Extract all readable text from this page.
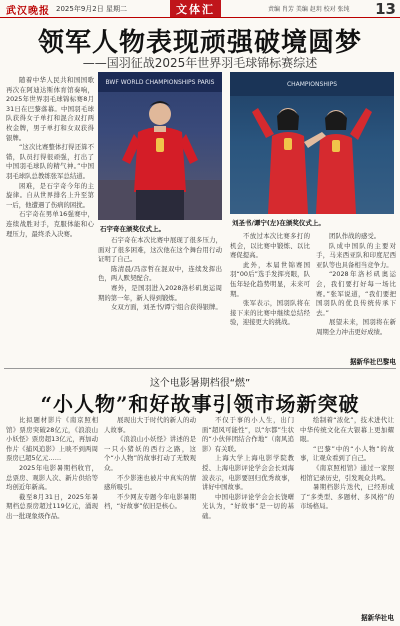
武汉晚报 2025年9月2日 星期二	文体汇	责编 肖芳 美编 赵玥 校对 张纯	13
领军人物表现顽强破境圆梦
——国羽征战2025年世界羽毛球锦标赛综述

随着中华人民共和国国歌再次在阿迪达斯体育馆奏响，2025年世界羽毛球锦标赛8月31日在巴黎落幕。中国羽毛球队获得女子单打和混合双打两枚金牌，男子单打和女双获得银牌。

“这次比赛整体打得还算不错，队员打得很顽强，打出了中国羽毛球队的精气神。”中国羽毛球队总教练张军总结道。

困难，是石宇奇今年的主旋律。自从世界排名上升至第一后，他遭遇了伤病的困扰。

石宇奇在男单16强赛中，连续战胜对手，克服体能和心理压力，最终杀入决赛。

BWF WORLD CHAMPIONSHIPS PARIS
石宇奇在颁奖仪式上。
CHAMPIONSHIPS
刘圣书/谭宁(左)在颁奖仪式上。

石宇奇在本次比赛中展现了很多压力，面对了很多困难，这次他在这个舞台用行动证明了自己。

陈清晨/冯彦哲在混双中，连续发挥出色，两人默契配合。

赛外，是国羽进入2028洛杉矶奥运周期的第一年，新人得到锻炼。

女双方面，刘圣书/谭宁组合获得银牌。

不放过本次比赛多打的机会，以比赛中锻炼、以比赛促提高。

此外，本届世锦赛国羽“00后”选手发挥亮眼，队伍年轻化趋势明显，未来可期。

张军表示，国羽队将在接下来的比赛中继续总结经验，迎接更大的挑战。

团队作战的感受。

队成中国队的主要对手，马来西亚队和印度尼西亚队等也具备相当竞争力。

“2028年洛杉矶奥运会，我们要打好每一场比赛。”张军说道，“我们要把国羽队的优良传统传承下去。”

展望未来，国羽将在新周期全力冲击更好成绩。

据新华社巴黎电
这个电影暑期档很“燃”
“小人物”和好故事引领市场新突破

比拟题材影片《南京照相馆》票房突破28亿元，《浪浪山小妖怪》票房超13亿元，再加动作片《捕风追影》上映不到两周票房已超5亿元……

2025年电影暑期档收官，总票房、观影人次、新片供给等均创近年新高。

截至8月31日，2025年暑期档总票房超过119亿元，涌现出一批现象级作品。

展现出大于时代的新人的动人故事。

《浪浪山小妖怪》讲述的是一只小猪妖的西行之路，这个“小人物”的故事打动了无数观众。

不少影迷也被片中真实的情感所吸引。

不少网友专题今年电影暑期档，“好故事”依旧是核心。

不仅于事的小人生，出门面“超风可能性”，以“尔都”生状的“小伙伴团结合作地”（南风追影）有关联。

上海大学上海电影学院教授、上海电影评论学会会长刘海波表示，电影要回归优秀故事，讲好中国故事。

中国电影评论学会会长饶曙光认为，“好故事”是一切的基础。

绘制着“浓化”，技术进代让中华传统文化在大银幕上更加耀眼。

“巴黎”中的“小人物”的故事，让观众看到了自己。

《南京照相馆》通过一家照相馆记录历史，引发观众共鸣。

暑期档影片迭代，已经形成了“多类型、多题材、多风格”的市场格局。

据新华社电
